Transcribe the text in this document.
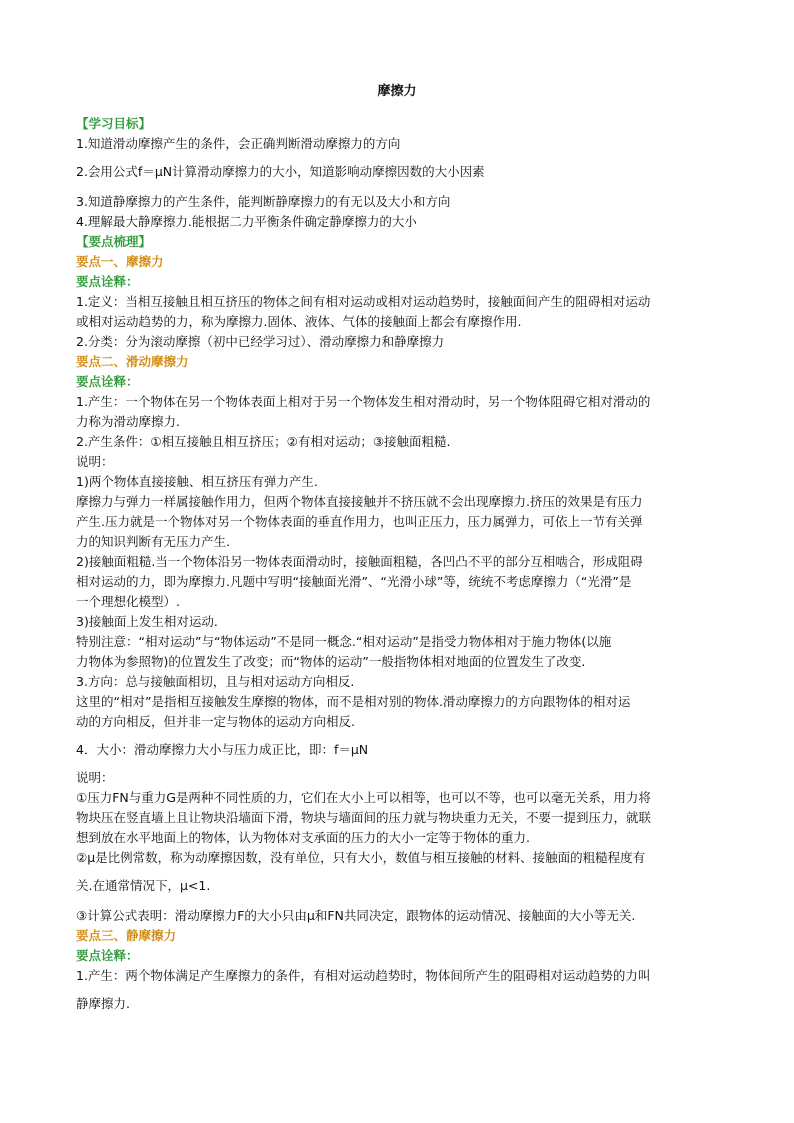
摩擦力
【学习目标】
1.知道滑动摩擦产生的条件，会正确判断滑动摩擦力的方向
2.会用公式f＝μN计算滑动摩擦力的大小，知道影响动摩擦因数的大小因素
3.知道静摩擦力的产生条件，能判断静摩擦力的有无以及大小和方向
4.理解最大静摩擦力.能根据二力平衡条件确定静摩擦力的大小
【要点梳理】
要点一、摩擦力
要点诠释：
1.定义：当相互接触且相互挤压的物体之间有相对运动或相对运动趋势时，接触面间产生的阻碍相对运动
或相对运动趋势的力，称为摩擦力.固体、液体、气体的接触面上都会有摩擦作用.
2.分类：分为滚动摩擦（初中已经学习过）、滑动摩擦力和静摩擦力
要点二、滑动摩擦力
要点诠释：
1.产生：一个物体在另一个物体表面上相对于另一个物体发生相对滑动时，另一个物体阻碍它相对滑动的
力称为滑动摩擦力.
2.产生条件：①相互接触且相互挤压；②有相对运动；③接触面粗糙.
说明：
1)两个物体直接接触、相互挤压有弹力产生.
摩擦力与弹力一样属接触作用力，但两个物体直接接触并不挤压就不会出现摩擦力.挤压的效果是有压力
产生.压力就是一个物体对另一个物体表面的垂直作用力，也叫正压力，压力属弹力，可依上一节有关弹
力的知识判断有无压力产生.
2)接触面粗糙.当一个物体沿另一物体表面滑动时，接触面粗糙，各凹凸不平的部分互相啮合，形成阻碍
相对运动的力，即为摩擦力.凡题中写明“接触面光滑”、“光滑小球”等，统统不考虑摩擦力（“光滑”是
一个理想化模型）.
3)接触面上发生相对运动.
特别注意：“相对运动”与“物体运动”不是同一概念.“相对运动”是指受力物体相对于施力物体(以施
力物体为参照物)的位置发生了改变；而“物体的运动”一般指物体相对地面的位置发生了改变.
3.方向：总与接触面相切，且与相对运动方向相反.
这里的“相对”是指相互接触发生摩擦的物体，而不是相对别的物体.滑动摩擦力的方向跟物体的相对运
动的方向相反，但并非一定与物体的运动方向相反.
4．大小：滑动摩擦力大小与压力成正比，即：f＝μN
说明：
①压力FN与重力G是两种不同性质的力，它们在大小上可以相等，也可以不等，也可以毫无关系，用力将
物块压在竖直墙上且让物块沿墙面下滑，物块与墙面间的压力就与物块重力无关，不要一提到压力，就联
想到放在水平地面上的物体，认为物体对支承面的压力的大小一定等于物体的重力.
②μ是比例常数，称为动摩擦因数，没有单位，只有大小，数值与相互接触的材料、接触面的粗糙程度有
关.在通常情况下，μ<1.
③计算公式表明：滑动摩擦力F的大小只由μ和FN共同决定，跟物体的运动情况、接触面的大小等无关.
要点三、静摩擦力
要点诠释：
1.产生：两个物体满足产生摩擦力的条件，有相对运动趋势时，物体间所产生的阻碍相对运动趋势的力叫
静摩擦力.
